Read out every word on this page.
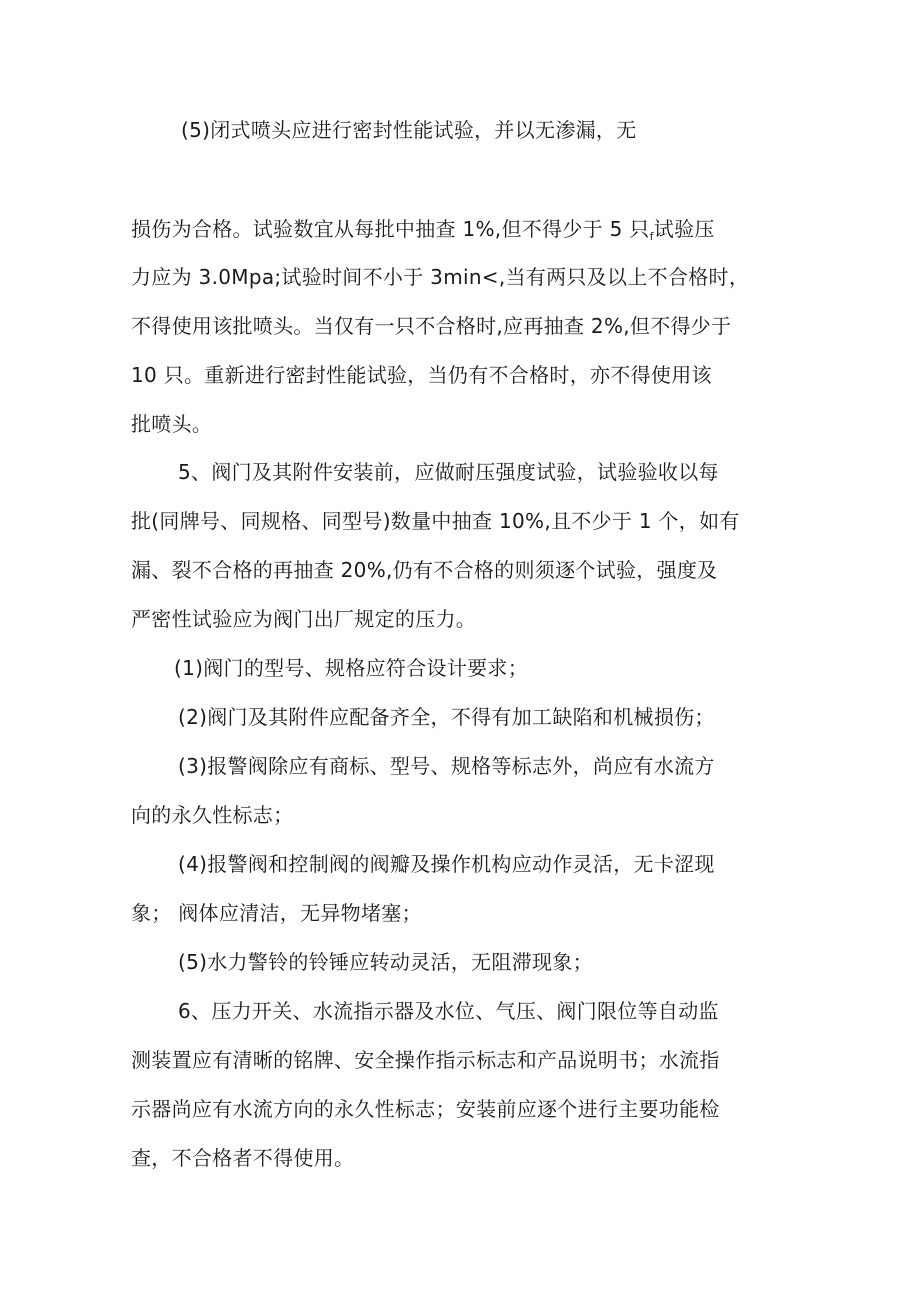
(5)闭式喷头应进行密封性能试验，并以无渗漏，无
损伤为合格。试验数宜从每批中抽查 1%,但不得少于 5 只$_f$试验压
力应为 3.0Mpa;试验时间不小于 3min<,当有两只及以上不合格时，
不得使用该批喷头。当仅有一只不合格时,应再抽查 2%,但不得少于
10 只。重新进行密封性能试验，当仍有不合格时，亦不得使用该
批喷头。
5、阀门及其附件安装前，应做耐压强度试验，试验验收以每
批(同牌号、同规格、同型号)数量中抽查 10%,且不少于 1 个，如有
漏、裂不合格的再抽查 20%,仍有不合格的则须逐个试验，强度及
严密性试验应为阀门出厂规定的压力。
(1)阀门的型号、规格应符合设计要求；
(2)阀门及其附件应配备齐全，不得有加工缺陷和机械损伤；
(3)报警阀除应有商标、型号、规格等标志外，尚应有水流方
向的永久性标志；
(4)报警阀和控制阀的阀瓣及操作机构应动作灵活，无卡涩现
象； 阀体应清洁，无异物堵塞；
(5)水力警铃的铃锤应转动灵活，无阻滞现象；
6、压力开关、水流指示器及水位、气压、阀门限位等自动监
测装置应有清晰的铭牌、安全操作指示标志和产品说明书；水流指
示器尚应有水流方向的永久性标志；安装前应逐个进行主要功能检
查，不合格者不得使用。
